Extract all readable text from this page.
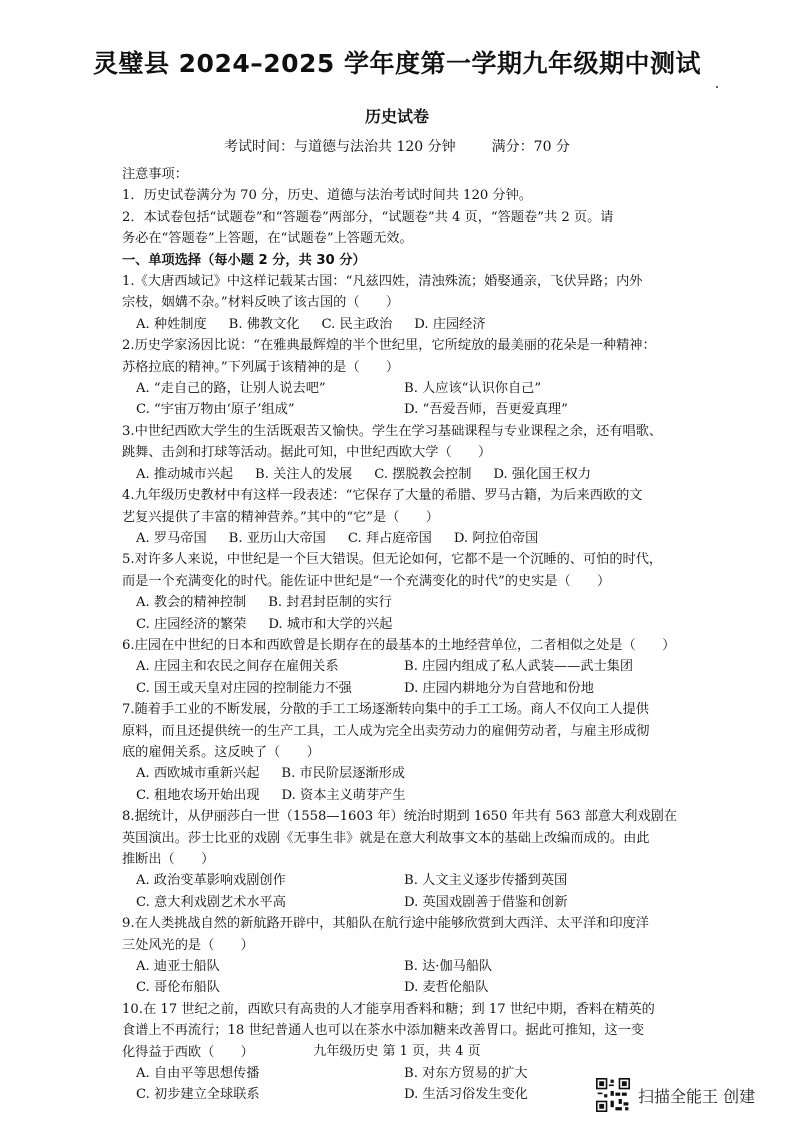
灵璧县 2024–2025 学年度第一学期九年级期中测试
历史试卷
考试时间：与道德与法治共 120 分钟	满分：70 分
注意事项：
1．历史试卷满分为 70 分，历史、道德与法治考试时间共 120 分钟。
2．本试卷包括“试题卷”和“答题卷”两部分，“试题卷”共 4 页，“答题卷”共 2 页。请
务必在“答题卷”上答题，在“试题卷”上答题无效。
一、单项选择（每小题 2 分，共 30 分）
1.《大唐西域记》中这样记载某古国：“凡兹四姓，清浊殊流；婚娶通亲，飞伏异路；内外
宗枝，姻媾不杂。”材料反映了该古国的（　　）
A. 种姓制度 B. 佛教文化 C. 民主政治 D. 庄园经济
2.历史学家汤因比说：“在雅典最辉煌的半个世纪里，它所绽放的最美丽的花朵是一种精神：
苏格拉底的精神。”下列属于该精神的是（　　）
A. “走自己的路，让别人说去吧”	B. 人应该“认识你自己”
C. “宇宙万物由‘原子’组成”	D. “吾爱吾师，吾更爱真理”
3.中世纪西欧大学生的生活既艰苦又愉快。学生在学习基础课程与专业课程之余，还有唱歌、
跳舞、击剑和打球等活动。据此可知，中世纪西欧大学（　　）
A. 推动城市兴起 B. 关注人的发展 C. 摆脱教会控制 D. 强化国王权力
4.九年级历史教材中有这样一段表述：“它保存了大量的希腊、罗马古籍，为后来西欧的文
艺复兴提供了丰富的精神营养。”其中的“它”是（　　）
A. 罗马帝国 B. 亚历山大帝国 C. 拜占庭帝国 D. 阿拉伯帝国
5.对许多人来说，中世纪是一个巨大错误。但无论如何，它都不是一个沉睡的、可怕的时代，
而是一个充满变化的时代。能佐证中世纪是“一个充满变化的时代”的史实是（　　）
A. 教会的精神控制 B. 封君封臣制的实行
C. 庄园经济的繁荣 D. 城市和大学的兴起
6.庄园在中世纪的日本和西欧曾是长期存在的最基本的土地经营单位，二者相似之处是（　　）
A. 庄园主和农民之间存在雇佣关系	B. 庄园内组成了私人武装——武士集团
C. 国王或天皇对庄园的控制能力不强	D. 庄园内耕地分为自营地和份地
7.随着手工业的不断发展，分散的手工工场逐渐转向集中的手工工场。商人不仅向工人提供
原料，而且还提供统一的生产工具，工人成为完全出卖劳动力的雇佣劳动者，与雇主形成彻
底的雇佣关系。这反映了（　　）
A. 西欧城市重新兴起 B. 市民阶层逐渐形成
C. 租地农场开始出现 D. 资本主义萌芽产生
8.据统计，从伊丽莎白一世（1558—1603 年）统治时期到 1650 年共有 563 部意大利戏剧在
英国演出。莎士比亚的戏剧《无事生非》就是在意大利故事文本的基础上改编而成的。由此
推断出（　　）
A. 政治变革影响戏剧创作	B. 人文主义逐步传播到英国
C. 意大利戏剧艺术水平高	D. 英国戏剧善于借鉴和创新
9.在人类挑战自然的新航路开辟中，其船队在航行途中能够欣赏到大西洋、太平洋和印度洋
三处风光的是（　　）
A. 迪亚士船队	B. 达·伽马船队
C. 哥伦布船队	D. 麦哲伦船队
10.在 17 世纪之前，西欧只有高贵的人才能享用香料和糖；到 17 世纪中期，香料在精英的
食谱上不再流行；18 世纪普通人也可以在茶水中添加糖来改善胃口。据此可推知，这一变
化得益于西欧（　　）
A. 自由平等思想传播	B. 对东方贸易的扩大
C. 初步建立全球联系	D. 生活习俗发生变化
九年级历史 第 1 页，共 4 页
扫描全能王 创建
